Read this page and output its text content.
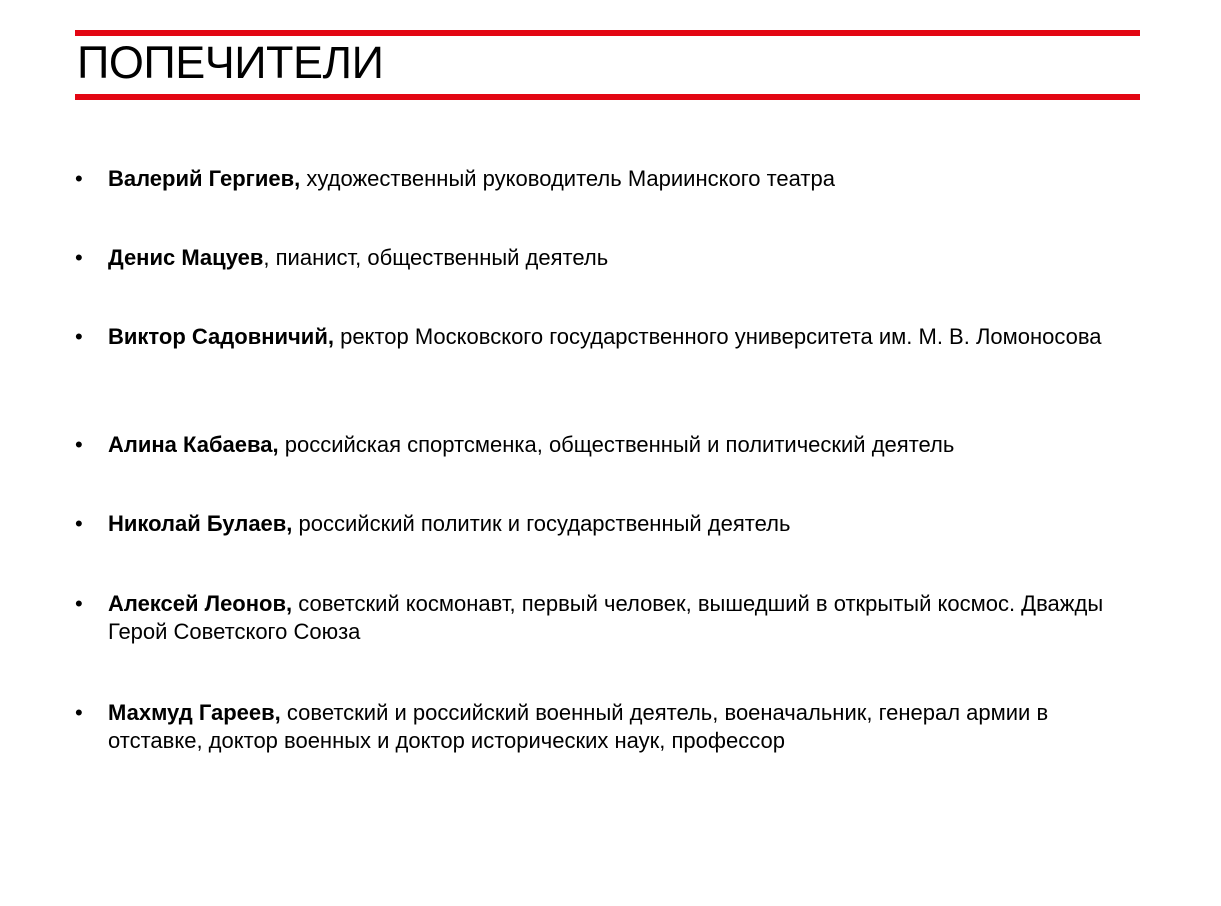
ПОПЕЧИТЕЛИ
• Валерий Гергиев, художественный руководитель Мариинского театра
• Денис Мацуев, пианист, общественный деятель
• Виктор Садовничий, ректор Московского государственного университета им. М. В. Ломоносова
• Алина Кабаева, российская спортсменка, общественный и политический деятель
• Николай Булаев, российский политик и государственный деятель
• Алексей Леонов, советский космонавт, первый человек, вышедший в открытый космос. Дважды Герой Советского Союза
• Махмуд Гареев, советский и российский военный деятель, военачальник, генерал армии в отставке, доктор военных и доктор исторических наук, профессор
